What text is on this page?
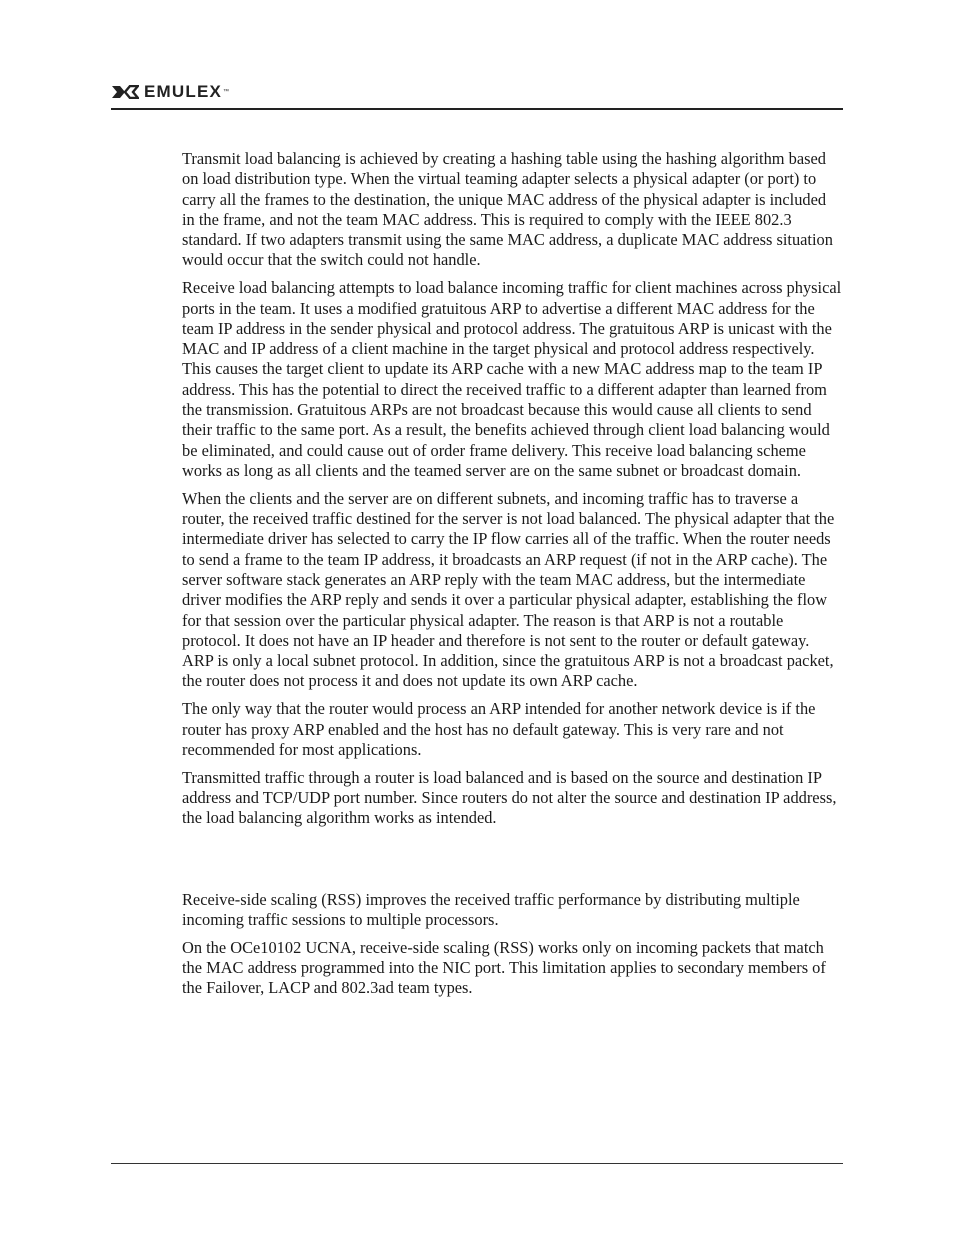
EMULEX ™

Transmit load balancing is achieved by creating a hashing table using the hashing algorithm based on load distribution type. When the virtual teaming adapter selects a physical adapter (or port) to carry all the frames to the destination, the unique MAC address of the physical adapter is included in the frame, and not the team MAC address. This is required to comply with the IEEE 802.3 standard. If two adapters transmit using the same MAC address, a duplicate MAC address situation would occur that the switch could not handle.

Receive load balancing attempts to load balance incoming traffic for client machines across physical ports in the team. It uses a modified gratuitous ARP to advertise a different MAC address for the team IP address in the sender physical and protocol address. The gratuitous ARP is unicast with the MAC and IP address of a client machine in the target physical and protocol address respectively. This causes the target client to update its ARP cache with a new MAC address map to the team IP address. This has the potential to direct the received traffic to a different adapter than learned from the transmission. Gratuitous ARPs are not broadcast because this would cause all clients to send their traffic to the same port. As a result, the benefits achieved through client load balancing would be eliminated, and could cause out of order frame delivery. This receive load balancing scheme works as long as all clients and the teamed server are on the same subnet or broadcast domain.

When the clients and the server are on different subnets, and incoming traffic has to traverse a router, the received traffic destined for the server is not load balanced. The physical adapter that the intermediate driver has selected to carry the IP flow carries all of the traffic. When the router needs to send a frame to the team IP address, it broadcasts an ARP request (if not in the ARP cache). The server software stack generates an ARP reply with the team MAC address, but the intermediate driver modifies the ARP reply and sends it over a particular physical adapter, establishing the flow for that session over the particular physical adapter. The reason is that ARP is not a routable protocol. It does not have an IP header and therefore is not sent to the router or default gateway. ARP is only a local subnet protocol. In addition, since the gratuitous ARP is not a broadcast packet, the router does not process it and does not update its own ARP cache.

The only way that the router would process an ARP intended for another network device is if the router has proxy ARP enabled and the host has no default gateway. This is very rare and not recommended for most applications.

Transmitted traffic through a router is load balanced and is based on the source and destination IP address and TCP/UDP port number. Since routers do not alter the source and destination IP address, the load balancing algorithm works as intended.

Receive-side scaling (RSS) improves the received traffic performance by distributing multiple incoming traffic sessions to multiple processors.

On the OCe10102 UCNA, receive-side scaling (RSS) works only on incoming packets that match the MAC address programmed into the NIC port. This limitation applies to secondary members of the Failover, LACP and 802.3ad team types.
